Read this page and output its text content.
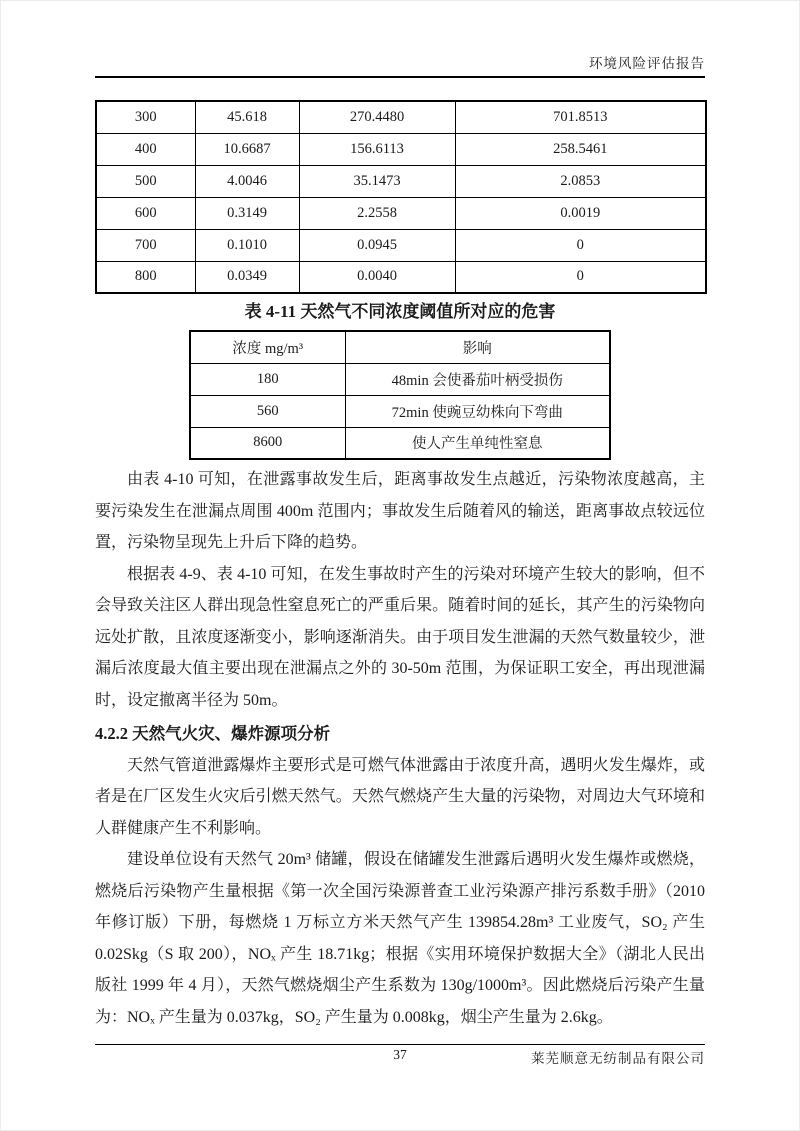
环境风险评估报告
300	45.618	270.4480	701.8513
400	10.6687	156.6113	258.5461
500	4.0046	35.1473	2.0853
600	0.3149	2.2558	0.0019
700	0.1010	0.0945	0
800	0.0349	0.0040	0
表 4-11 天然气不同浓度阈值所对应的危害
浓度 mg/m³	影响
180	48min 会使番茄叶柄受损伤
560	72min 使豌豆幼株向下弯曲
8600	使人产生单纯性窒息

由表 4-10 可知，在泄露事故发生后，距离事故发生点越近，污染物浓度越高，主要污染发生在泄漏点周围 400m 范围内；事故发生后随着风的输送，距离事故点较远位置，污染物呈现先上升后下降的趋势。

根据表 4-9、表 4-10 可知，在发生事故时产生的污染对环境产生较大的影响，但不会导致关注区人群出现急性窒息死亡的严重后果。随着时间的延长，其产生的污染物向远处扩散，且浓度逐渐变小，影响逐渐消失。由于项目发生泄漏的天然气数量较少，泄漏后浓度最大值主要出现在泄漏点之外的 30-50m 范围，为保证职工安全，再出现泄漏时，设定撤离半径为 50m。

4.2.2 天然气火灾、爆炸源项分析

天然气管道泄露爆炸主要形式是可燃气体泄露由于浓度升高，遇明火发生爆炸，或者是在厂区发生火灾后引燃天然气。天然气燃烧产生大量的污染物，对周边大气环境和人群健康产生不利影响。

建设单位设有天然气 20m³ 储罐，假设在储罐发生泄露后遇明火发生爆炸或燃烧，燃烧后污染物产生量根据《第一次全国污染源普查工业污染源产排污系数手册》（2010 年修订版）下册，每燃烧 1 万标立方米天然气产生 139854.28m³ 工业废气，SO₂ 产生 0.02Skg（S 取 200），NOₓ 产生 18.71kg；根据《实用环境保护数据大全》（湖北人民出版社 1999 年 4 月），天然气燃烧烟尘产生系数为 130g/1000m³。因此燃烧后污染产生量为：NOₓ 产生量为 0.037kg，SO₂ 产生量为 0.008kg，烟尘产生量为 2.6kg。

37	莱芜顺意无纺制品有限公司
